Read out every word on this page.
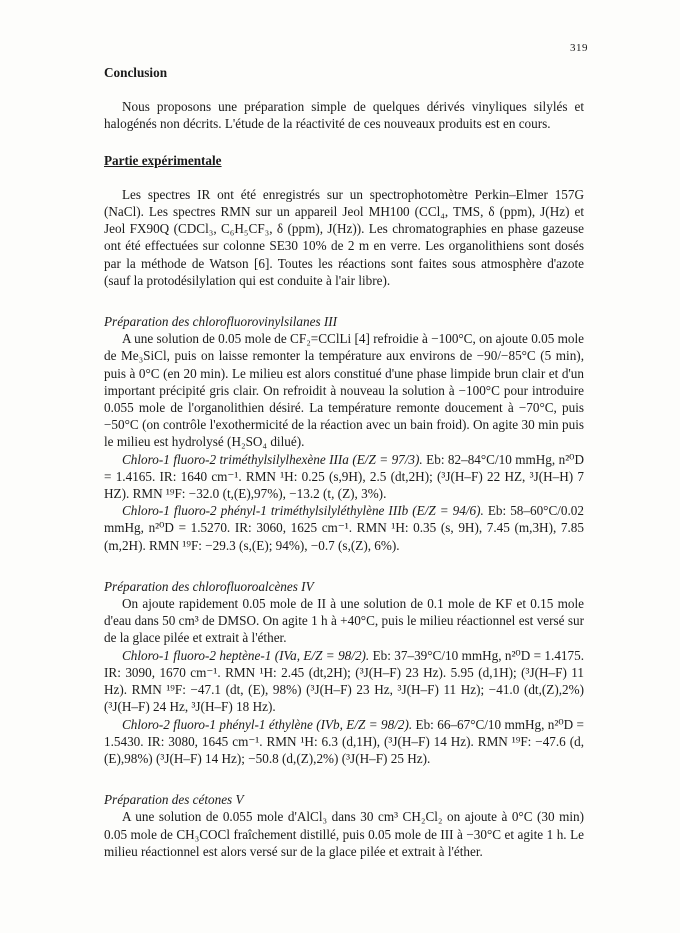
319
Conclusion

Nous proposons une préparation simple de quelques dérivés vinyliques silylés et halogénés non décrits. L'étude de la réactivité de ces nouveaux produits est en cours.

Partie expérimentale

Les spectres IR ont été enregistrés sur un spectrophotomètre Perkin–Elmer 157G (NaCl). Les spectres RMN sur un appareil Jeol MH100 (CCl₄, TMS, δ (ppm), J(Hz) et Jeol FX90Q (CDCl₃, C₆H₅CF₃, δ (ppm), J(Hz)). Les chromatographies en phase gazeuse ont été effectuées sur colonne SE30 10% de 2 m en verre. Les organolithiens sont dosés par la méthode de Watson [6]. Toutes les réactions sont faites sous atmosphère d'azote (sauf la protodésilylation qui est conduite à l'air libre).

Préparation des chlorofluorovinylsilanes III

A une solution de 0.05 mole de CF₂=CClLi [4] refroidie à −100°C, on ajoute 0.05 mole de Me₃SiCl, puis on laisse remonter la température aux environs de −90/−85°C (5 min), puis à 0°C (en 20 min). Le milieu est alors constitué d'une phase limpide brun clair et d'un important précipité gris clair. On refroidit à nouveau la solution à −100°C pour introduire 0.055 mole de l'organolithien désiré. La température remonte doucement à −70°C, puis −50°C (on contrôle l'exothermicité de la réaction avec un bain froid). On agite 30 min puis le milieu est hydrolysé (H₂SO₄ dilué).

Chloro-1 fluoro-2 triméthylsilylhexène IIIa (E/Z = 97/3). Eb: 82–84°C/10 mmHg, n²⁰D = 1.4165. IR: 1640 cm⁻¹. RMN ¹H: 0.25 (s,9H), 2.5 (dt,2H); (³J(H–F) 22 HZ, ³J(H–H) 7 HZ). RMN ¹⁹F: −32.0 (t,(E),97%), −13.2 (t, (Z), 3%).

Chloro-1 fluoro-2 phényl-1 triméthylsilyléthylène IIIb (E/Z = 94/6). Eb: 58–60°C/0.02 mmHg, n²⁰D = 1.5270. IR: 3060, 1625 cm⁻¹. RMN ¹H: 0.35 (s, 9H), 7.45 (m,3H), 7.85 (m,2H). RMN ¹⁹F: −29.3 (s,(E); 94%), −0.7 (s,(Z), 6%).

Préparation des chlorofluoroalcènes IV

On ajoute rapidement 0.05 mole de II à une solution de 0.1 mole de KF et 0.15 mole d'eau dans 50 cm³ de DMSO. On agite 1 h à +40°C, puis le milieu réactionnel est versé sur de la glace pilée et extrait à l'éther.

Chloro-1 fluoro-2 heptène-1 (IVa, E/Z = 98/2). Eb: 37–39°C/10 mmHg, n²⁰D = 1.4175. IR: 3090, 1670 cm⁻¹. RMN ¹H: 2.45 (dt,2H); (³J(H–F) 23 Hz). 5.95 (d,1H); (³J(H–F) 11 Hz). RMN ¹⁹F: −47.1 (dt, (E), 98%) (³J(H–F) 23 Hz, ³J(H–F) 11 Hz); −41.0 (dt,(Z),2%) (³J(H–F) 24 Hz, ³J(H–F) 18 Hz).

Chloro-2 fluoro-1 phényl-1 éthylène (IVb, E/Z = 98/2). Eb: 66–67°C/10 mmHg, n²⁰D = 1.5430. IR: 3080, 1645 cm⁻¹. RMN ¹H: 6.3 (d,1H), (³J(H–F) 14 Hz). RMN ¹⁹F: −47.6 (d,(E),98%) (³J(H–F) 14 Hz); −50.8 (d,(Z),2%) (³J(H–F) 25 Hz).

Préparation des cétones V

A une solution de 0.055 mole d'AlCl₃ dans 30 cm³ CH₂Cl₂ on ajoute à 0°C (30 min) 0.05 mole de CH₃COCl fraîchement distillé, puis 0.05 mole de III à −30°C et agite 1 h. Le milieu réactionnel est alors versé sur de la glace pilée et extrait à l'éther.
